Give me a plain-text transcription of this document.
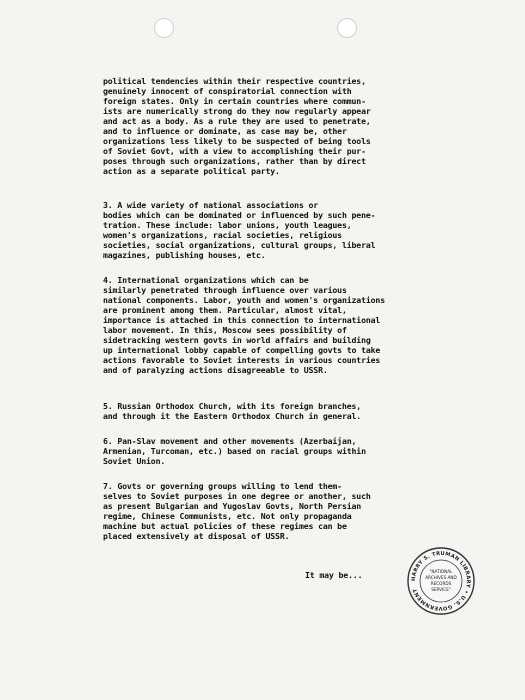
political tendencies within their respective countries,
genuinely innocent of conspiratorial connection with
foreign states. Only in certain countries where commun-
ists are numerically strong do they now regularly appear
and act as a body. As a rule they are used to penetrate,
and to influence or dominate, as case may be, other
organizations less likely to be suspected of being tools
of Soviet Govt, with a view to accomplishing their pur-
poses through such organizations, rather than by direct
action as a separate political party.
3. A wide variety of national associations or
bodies which can be dominated or influenced by such pene-
tration. These include: labor unions, youth leagues,
women's organizations, racial societies, religious
societies, social organizations, cultural groups, liberal
magazines, publishing houses, etc.
4. International organizations which can be
similarly penetrated through influence over various
national components. Labor, youth and women's organizations
are prominent among them. Particular, almost vital,
importance is attached in this connection to international
labor movement. In this, Moscow sees possibility of
sidetracking western govts in world affairs and building
up international lobby capable of compelling govts to take
actions favorable to Soviet interests in various countries
and of paralyzing actions disagreeable to USSR.
5. Russian Orthodox Church, with its foreign branches,
and through it the Eastern Orthodox Church in general.
6. Pan-Slav movement and other movements (Azerbaijan,
Armenian, Turcoman, etc.) based on racial groups within
Soviet Union.
7. Govts or governing groups willing to lend them-
selves to Soviet purposes in one degree or another, such
as present Bulgarian and Yugoslav Govts, North Persian
regime, Chinese Communists, etc. Not only propaganda
machine but actual policies of these regimes can be
placed extensively at disposal of USSR.
It may be...	HARRY S. TRUMAN LIBRARY • U.S. GOVERNMENT
"NATIONAL
ARCHIVES AND
RECORDS
SERVICE"
